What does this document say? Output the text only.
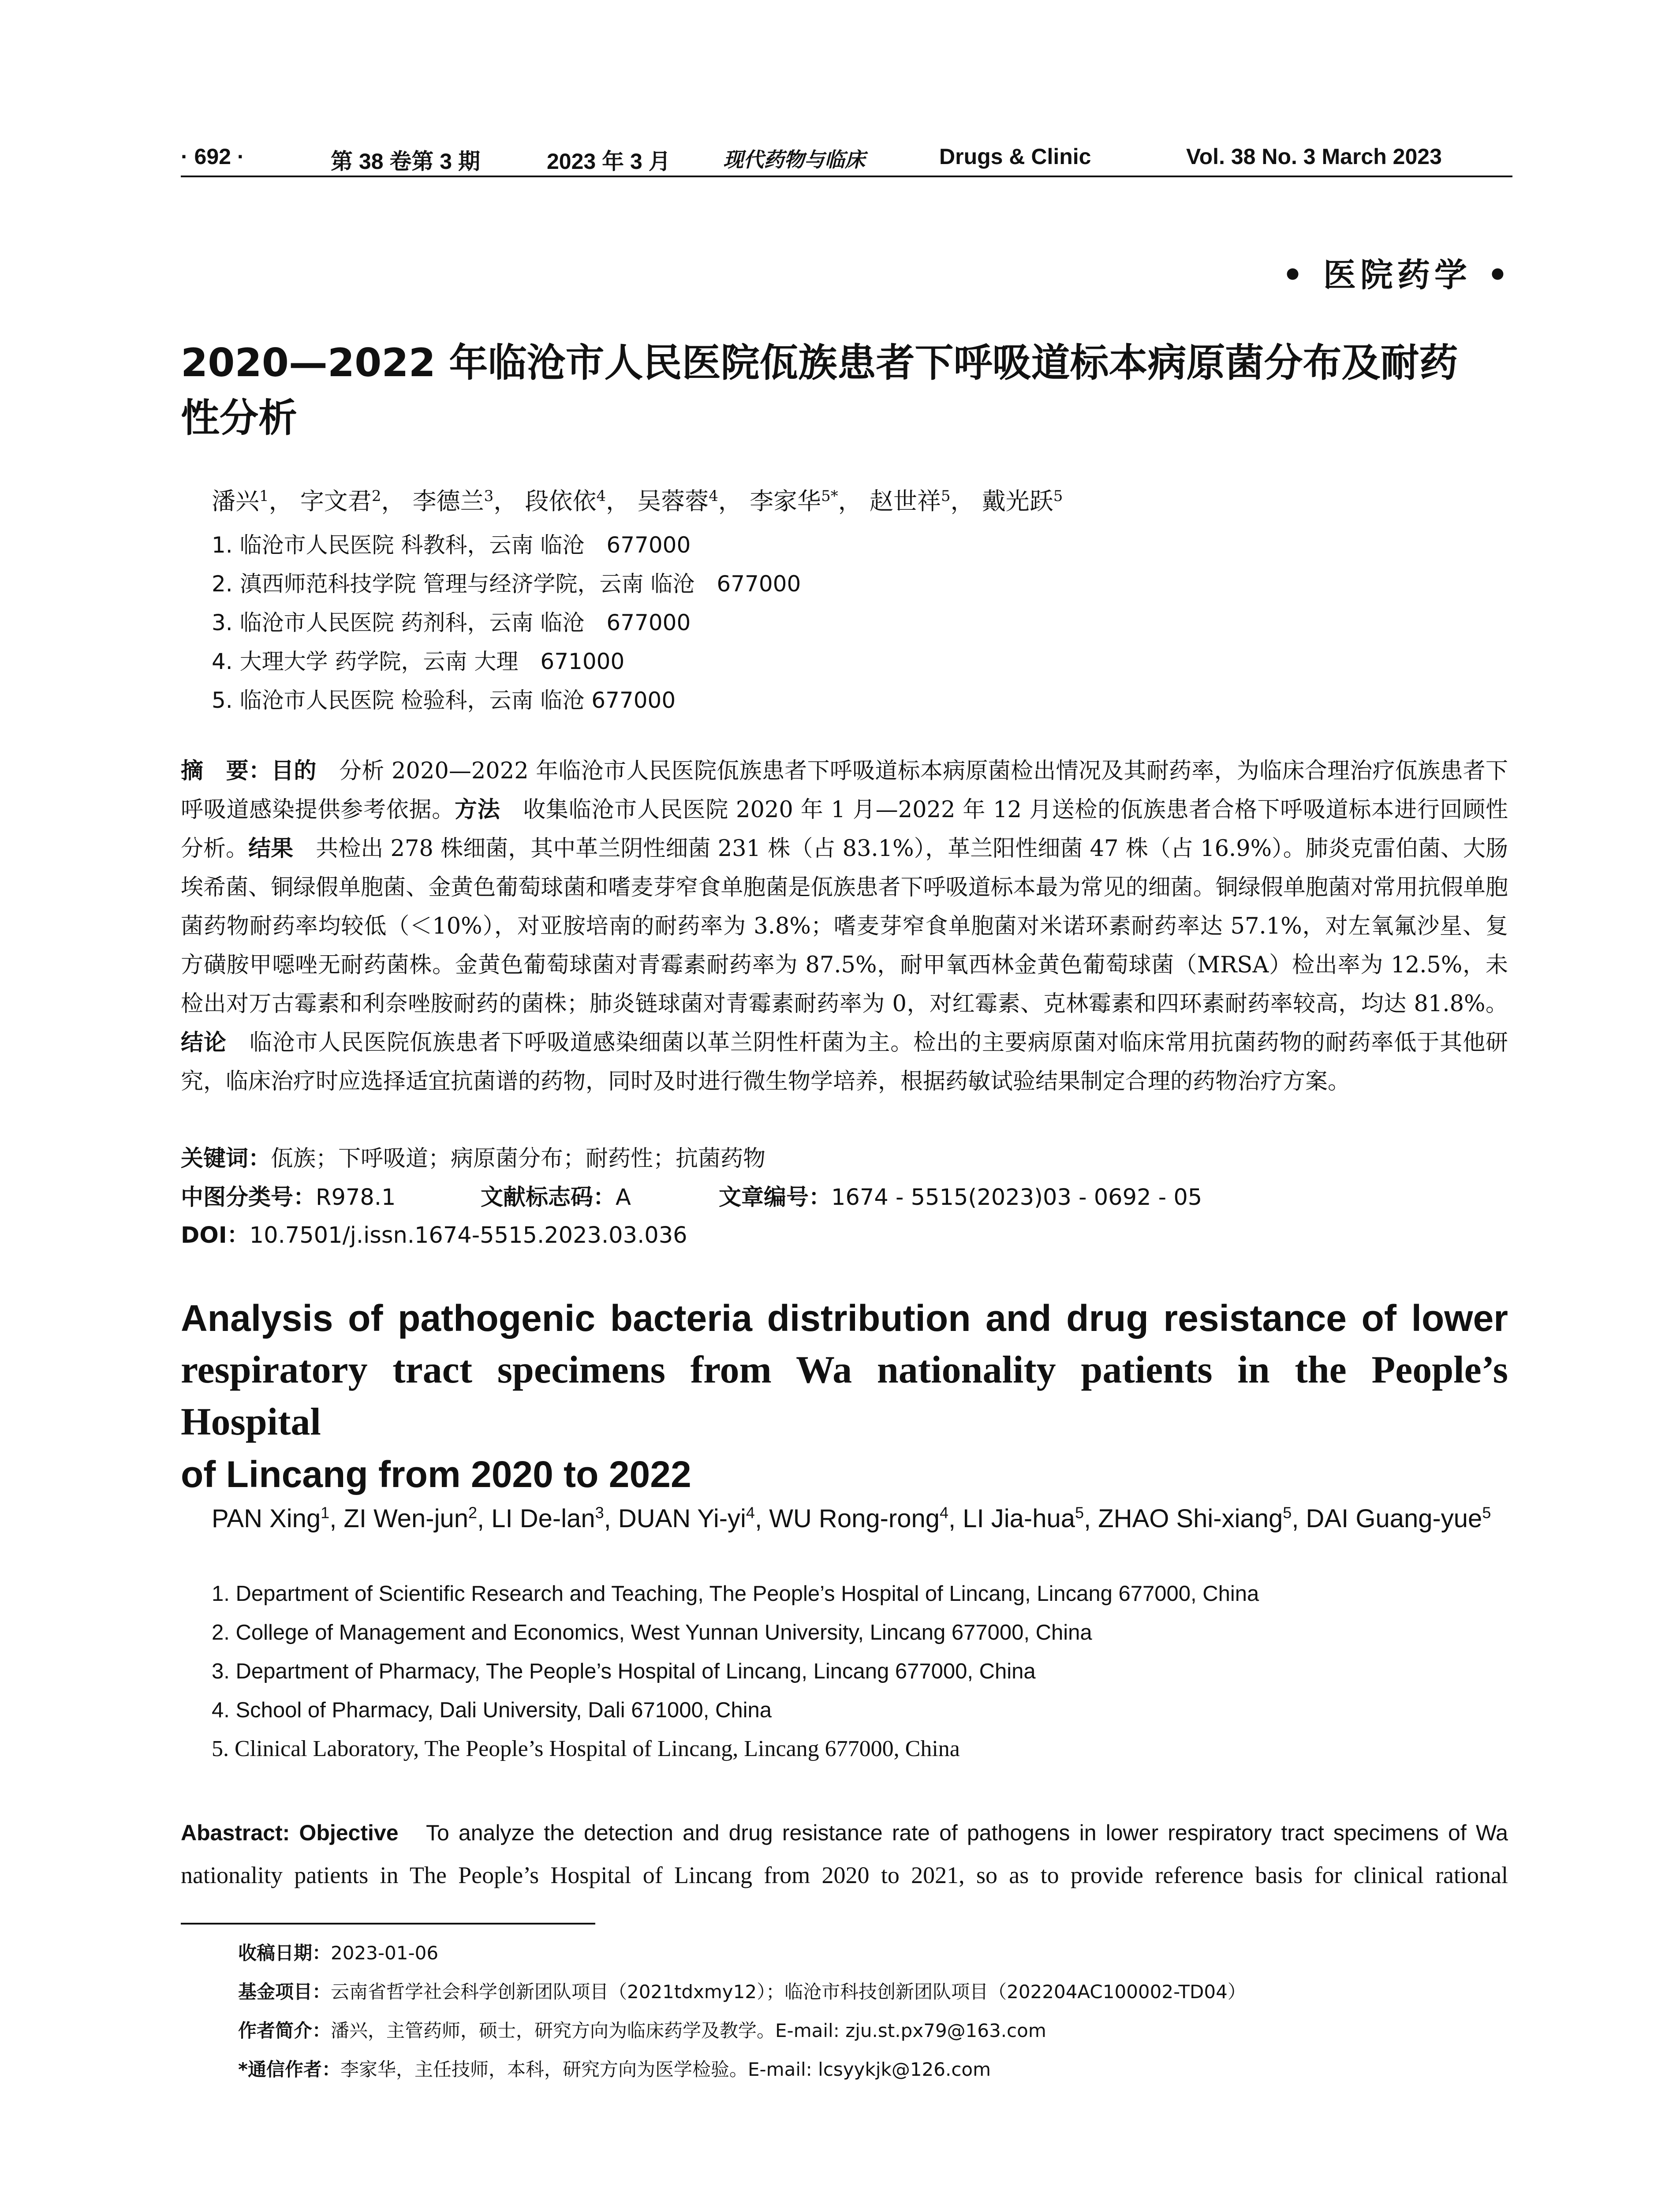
· 692 ·	第 38 卷第 3 期	2023 年 3 月	现代药物与临床	Drugs & Clinic	Vol. 38 No. 3 March 2023
• 医院药学 •
2020—2022 年临沧市人民医院佤族患者下呼吸道标本病原菌分布及耐药性分析
潘兴$^1$， 字文君$^2$， 李德兰$^3$， 段依依$^4$， 吴蓉蓉$^4$， 李家华$^{5*}$， 赵世祥$^5$， 戴光跃$^5$
1. 临沧市人民医院 科教科，云南 临沧　677000
2. 滇西师范科技学院 管理与经济学院，云南 临沧　677000
3. 临沧市人民医院 药剂科，云南 临沧　677000
4. 大理大学 药学院，云南 大理　671000
5. 临沧市人民医院 检验科，云南 临沧 677000

摘　要：目的　分析 2020—2022 年临沧市人民医院佤族患者下呼吸道标本病原菌检出情况及其耐药率，为临床合理治疗佤族患者下呼吸道感染提供参考依据。方法　收集临沧市人民医院 2020 年 1 月—2022 年 12 月送检的佤族患者合格下呼吸道标本进行回顾性分析。结果　共检出 278 株细菌，其中革兰阴性细菌 231 株（占 83.1%），革兰阳性细菌 47 株（占 16.9%）。肺炎克雷伯菌、大肠埃希菌、铜绿假单胞菌、金黄色葡萄球菌和嗜麦芽窄食单胞菌是佤族患者下呼吸道标本最为常见的细菌。铜绿假单胞菌对常用抗假单胞菌药物耐药率均较低（＜10%），对亚胺培南的耐药率为 3.8%；嗜麦芽窄食单胞菌对米诺环素耐药率达 57.1%，对左氧氟沙星、复方磺胺甲噁唑无耐药菌株。金黄色葡萄球菌对青霉素耐药率为 87.5%，耐甲氧西林金黄色葡萄球菌（MRSA）检出率为 12.5%，未检出对万古霉素和利奈唑胺耐药的菌株；肺炎链球菌对青霉素耐药率为 0，对红霉素、克林霉素和四环素耐药率较高，均达 81.8%。结论　临沧市人民医院佤族患者下呼吸道感染细菌以革兰阴性杆菌为主。检出的主要病原菌对临床常用抗菌药物的耐药率低于其他研究，临床治疗时应选择适宜抗菌谱的药物，同时及时进行微生物学培养，根据药敏试验结果制定合理的药物治疗方案。

关键词：佤族；下呼吸道；病原菌分布；耐药性；抗菌药物
中图分类号： R978.1	文献标志码： A	文章编号： 1674 - 5515(2023)03 - 0692 - 05
DOI：10.7501/j.issn.1674-5515.2023.03.036
Analysis of pathogenic bacteria distribution and drug resistance of lower
respiratory tract specimens from Wa nationality patients in the People’s Hospital
of Lincang from 2020 to 2022
PAN Xing$^1$, ZI Wen-jun$^2$, LI De-lan$^3$, DUAN $Yi-yi^4$, WU Rong-rong$^4$, LI Jia-hua$^5$, ZHAO Shi-xiang$^5$, DAI Guang-yue$^5$
1. Department of Scientific Research and Teaching, The People’s Hospital of Lincang, Lincang 677000, China
2. College of Management and Economics, West Yunnan University, Lincang 677000, China
3. Department of Pharmacy, The People’s Hospital of Lincang, Lincang 677000, China
4. School of Pharmacy, Dali University, Dali 671000, China
5. Clinical Laboratory, The People’s Hospital of Lincang, Lincang 677000, China

Abastract: Objective To analyze the detection and drug resistance rate of pathogens in lower respiratory tract specimens of Wa
nationality patients in The People’s Hospital of Lincang from 2020 to 2021, so as to provide reference basis for clinical rational

收稿日期：2023-01-06
基金项目：云南省哲学社会科学创新团队项目（2021tdxmy12）；临沧市科技创新团队项目（202204AC100002-TD04）
作者简介：潘兴，主管药师，硕士，研究方向为临床药学及教学。E-mail: zju.st.px79@163.com
*通信作者：李家华，主任技师，本科，研究方向为医学检验。E-mail: lcsyykjk@126.com
